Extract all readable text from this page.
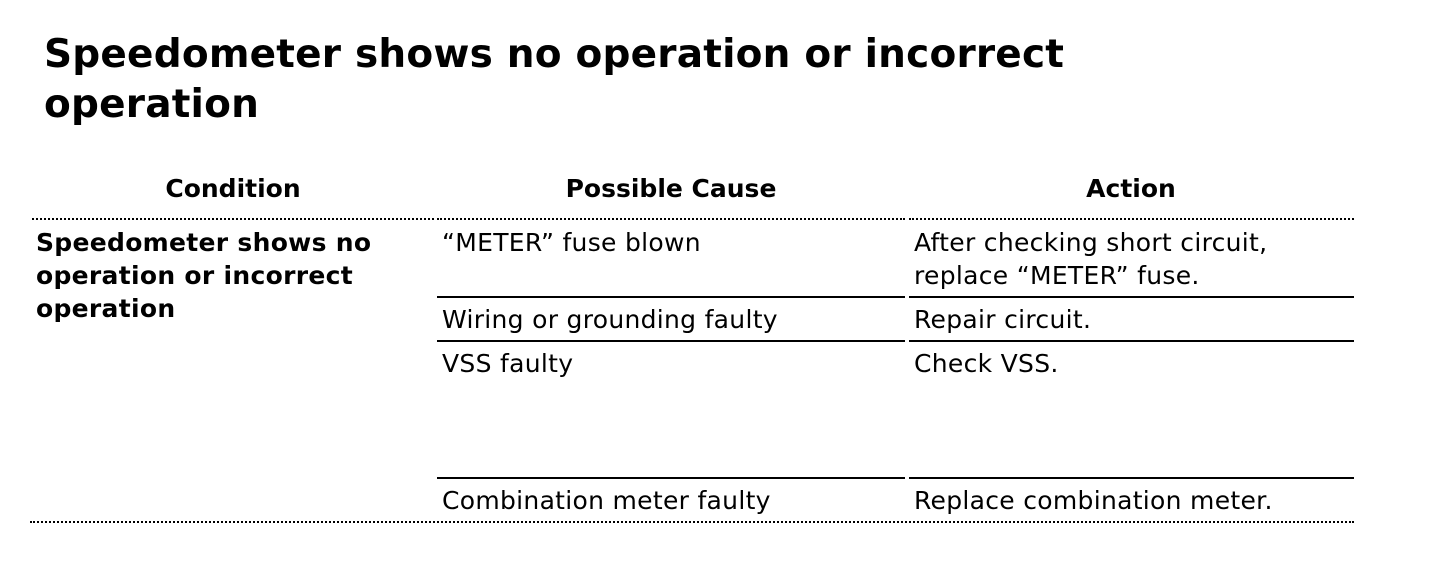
Speedometer shows no operation or incorrect operation
Condition	Possible Cause	Action
Speedometer shows no operation or incorrect operation
“METER” fuse blown	After checking short circuit, replace “METER” fuse.
Wiring or grounding faulty	Repair circuit.
VSS faulty	Check VSS.
Combination meter faulty	Replace combination meter.
